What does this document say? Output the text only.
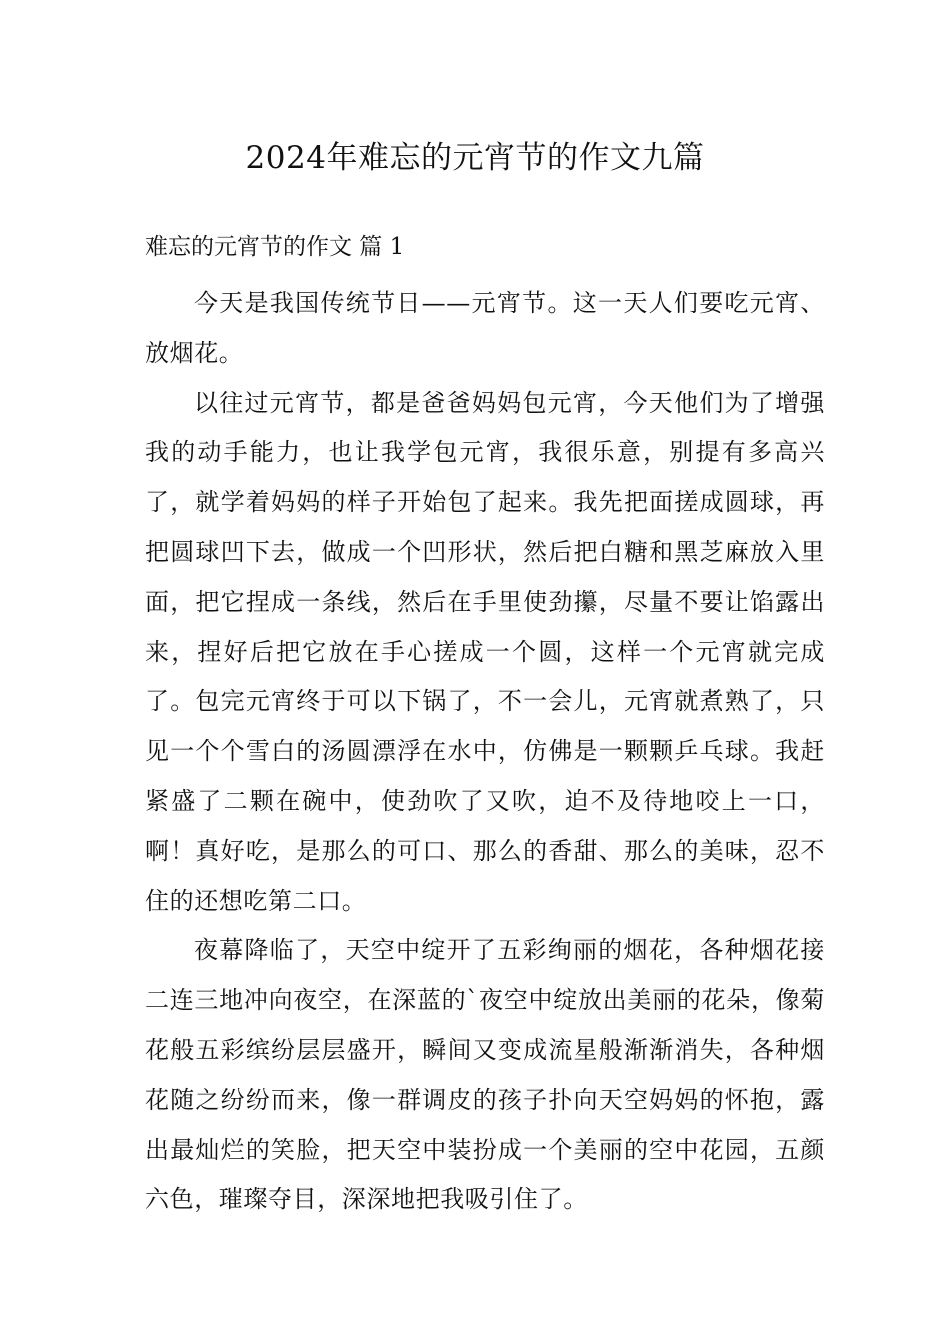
2024年难忘的元宵节的作文九篇
难忘的元宵节的作文 篇 1

今天是我国传统节日——元宵节。这一天人们要吃元宵、放烟花。

以往过元宵节，都是爸爸妈妈包元宵，今天他们为了增强我的动手能力，也让我学包元宵，我很乐意，别提有多高兴了，就学着妈妈的样子开始包了起来。我先把面搓成圆球，再把圆球凹下去，做成一个凹形状，然后把白糖和黑芝麻放入里面，把它捏成一条线，然后在手里使劲攥，尽量不要让馅露出来，捏好后把它放在手心搓成一个圆，这样一个元宵就完成了。包完元宵终于可以下锅了，不一会儿，元宵就煮熟了，只见一个个雪白的汤圆漂浮在水中，仿佛是一颗颗乒乓球。我赶紧盛了二颗在碗中，使劲吹了又吹，迫不及待地咬上一口，啊！真好吃，是那么的可口、那么的香甜、那么的美味，忍不住的还想吃第二口。

夜幕降临了，天空中绽开了五彩绚丽的烟花，各种烟花接二连三地冲向夜空，在深蓝的`夜空中绽放出美丽的花朵，像菊花般五彩缤纷层层盛开，瞬间又变成流星般渐渐消失，各种烟花随之纷纷而来，像一群调皮的孩子扑向天空妈妈的怀抱，露出最灿烂的笑脸，把天空中装扮成一个美丽的空中花园，五颜六色，璀璨夺目，深深地把我吸引住了。
